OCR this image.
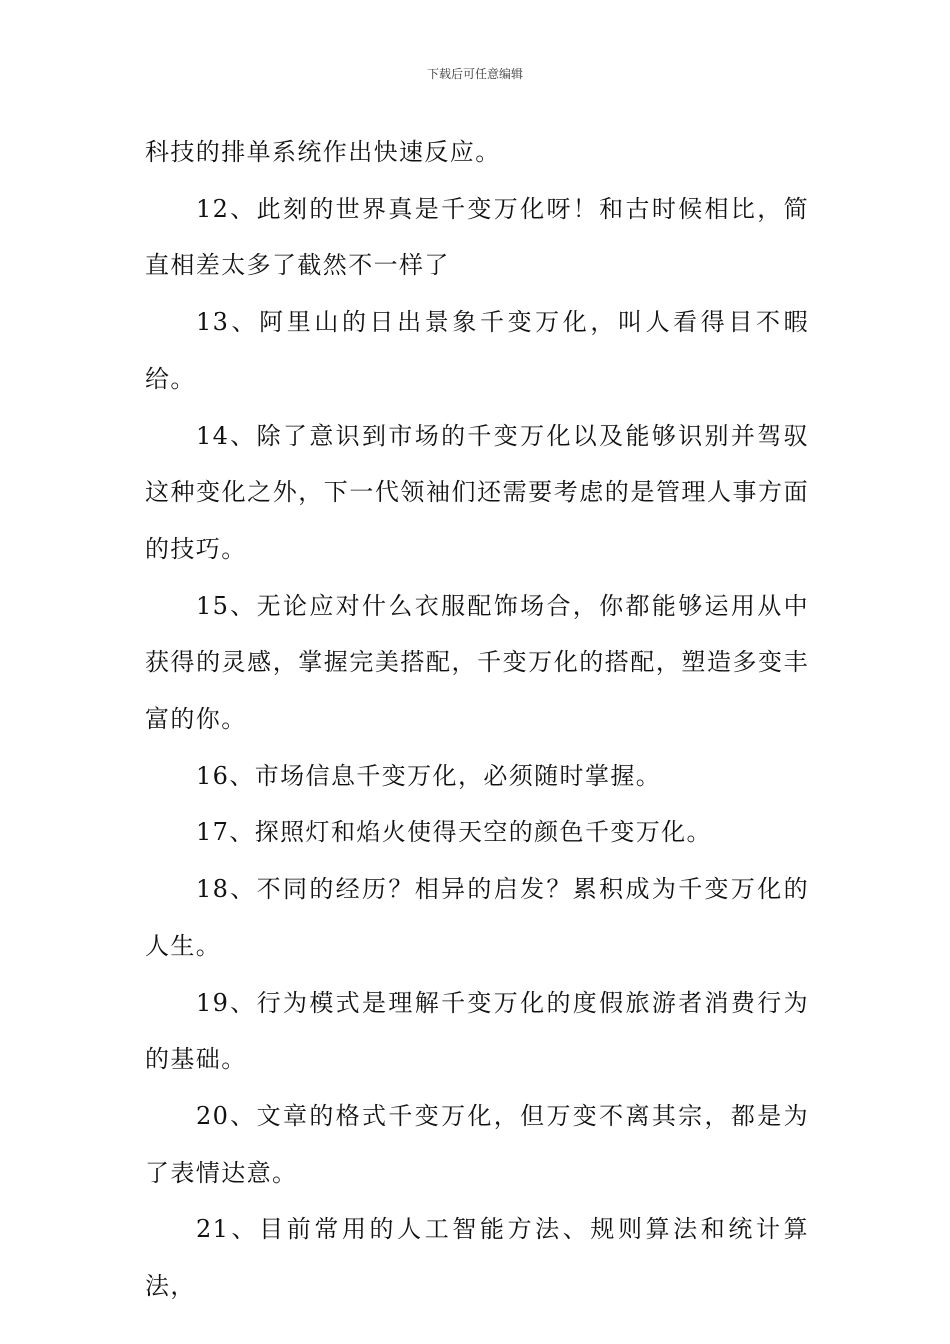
下载后可任意编辑

科技的排单系统作出快速反应。

12、此刻的世界真是千变万化呀！和古时候相比，简直相差太多了截然不一样了

13、阿里山的日出景象千变万化，叫人看得目不暇给。

14、除了意识到市场的千变万化以及能够识别并驾驭这种变化之外，下一代领袖们还需要考虑的是管理人事方面的技巧。

15、无论应对什么衣服配饰场合，你都能够运用从中获得的灵感，掌握完美搭配，千变万化的搭配，塑造多变丰富的你。

16、市场信息千变万化，必须随时掌握。

17、探照灯和焰火使得天空的颜色千变万化。

18、不同的经历？相异的启发？累积成为千变万化的人生。

19、行为模式是理解千变万化的度假旅游者消费行为的基础。

20、文章的格式千变万化，但万变不离其宗，都是为了表情达意。

21、目前常用的人工智能方法、规则算法和统计算法，
